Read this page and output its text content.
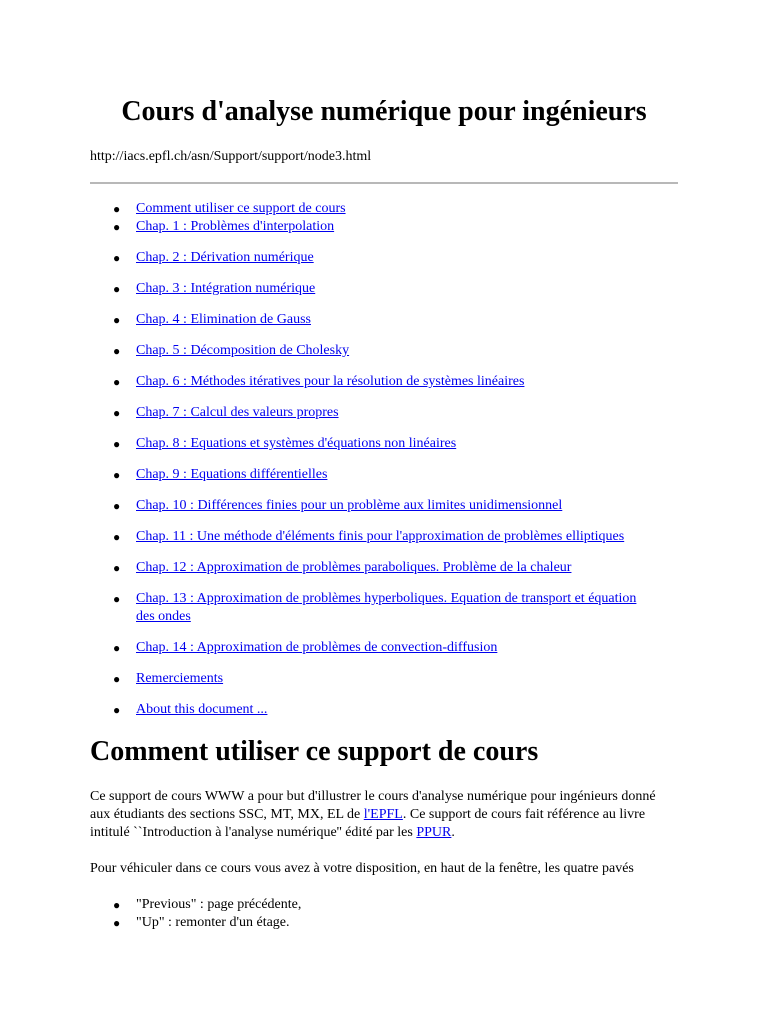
Cours d'analyse numérique pour ingénieurs
http://iacs.epfl.ch/asn/Support/support/node3.html
● Comment utiliser ce support de cours
● Chap. 1 : Problèmes d'interpolation
● Chap. 2 : Dérivation numérique
● Chap. 3 : Intégration numérique
● Chap. 4 : Elimination de Gauss
● Chap. 5 : Décomposition de Cholesky
● Chap. 6 : Méthodes itératives pour la résolution de systèmes linéaires
● Chap. 7 : Calcul des valeurs propres
● Chap. 8 : Equations et systèmes d'équations non linéaires
● Chap. 9 : Equations différentielles
● Chap. 10 : Différences finies pour un problème aux limites unidimensionnel
● Chap. 11 : Une méthode d'éléments finis pour l'approximation de problèmes elliptiques
● Chap. 12 : Approximation de problèmes paraboliques. Problème de la chaleur
● Chap. 13 : Approximation de problèmes hyperboliques. Equation de transport et équation des ondes
● Chap. 14 : Approximation de problèmes de convection-diffusion
● Remerciements
● About this document ...
Comment utiliser ce support de cours

Ce support de cours WWW a pour but d'illustrer le cours d'analyse numérique pour ingénieurs donné aux étudiants des sections SSC, MT, MX, EL de l'EPFL. Ce support de cours fait référence au livre intitulé ``Introduction à l'analyse numérique'' édité par les PPUR.

Pour véhiculer dans ce cours vous avez à votre disposition, en haut de la fenêtre, les quatre pavés

● "Previous" : page précédente,
● "Up" : remonter d'un étage.
